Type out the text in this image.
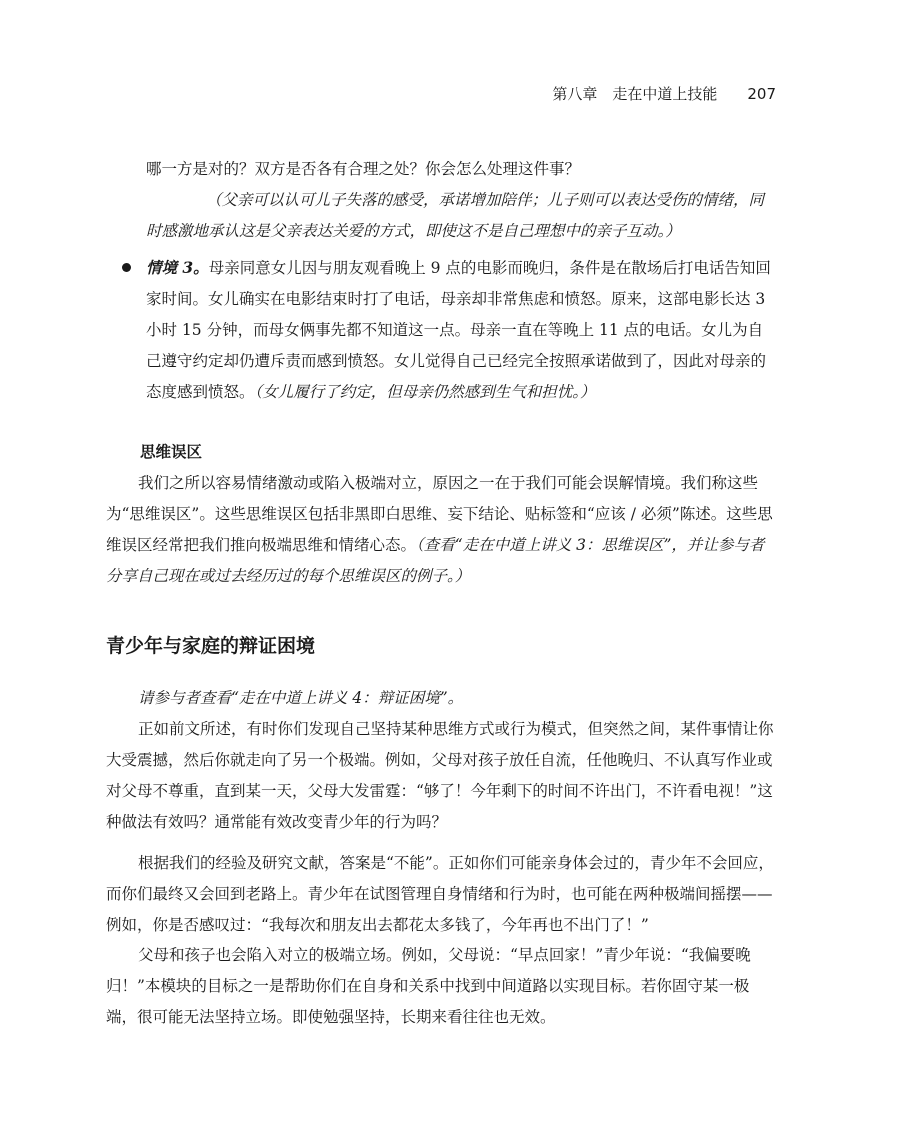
第八章　走在中道上技能 207
哪一方是对的？双方是否各有合理之处？你会怎么处理这件事？
（父亲可以认可儿子失落的感受，承诺增加陪伴；儿子则可以表达受伤的情绪，同时感激地承认这是父亲表达关爱的方式，即使这不是自己理想中的亲子互动。）
情境 3。母亲同意女儿因与朋友观看晚上 9 点的电影而晚归，条件是在散场后打电话告知回家时间。女儿确实在电影结束时打了电话，母亲却非常焦虑和愤怒。原来，这部电影长达 3 小时 15 分钟，而母女俩事先都不知道这一点。母亲一直在等晚上 11 点的电话。女儿为自己遵守约定却仍遭斥责而感到愤怒。女儿觉得自己已经完全按照承诺做到了，因此对母亲的态度感到愤怒。（女儿履行了约定，但母亲仍然感到生气和担忧。）
思维误区
我们之所以容易情绪激动或陷入极端对立，原因之一在于我们可能会误解情境。我们称这些为“思维误区”。这些思维误区包括非黑即白思维、妄下结论、贴标签和“应该 / 必须”陈述。这些思维误区经常把我们推向极端思维和情绪心态。（查看“走在中道上讲义 3：思维误区”，并让参与者分享自己现在或过去经历过的每个思维误区的例子。）
青少年与家庭的辩证困境
请参与者查看“走在中道上讲义 4：辩证困境”。
正如前文所述，有时你们发现自己坚持某种思维方式或行为模式，但突然之间，某件事情让你大受震撼，然后你就走向了另一个极端。例如，父母对孩子放任自流，任他晚归、不认真写作业或对父母不尊重，直到某一天，父母大发雷霆：“够了！今年剩下的时间不许出门，不许看电视！”这种做法有效吗？通常能有效改变青少年的行为吗？
根据我们的经验及研究文献，答案是“不能”。正如你们可能亲身体会过的，青少年不会回应，而你们最终又会回到老路上。青少年在试图管理自身情绪和行为时，也可能在两种极端间摇摆——例如，你是否感叹过：“我每次和朋友出去都花太多钱了，今年再也不出门了！”
父母和孩子也会陷入对立的极端立场。例如，父母说：“早点回家！”青少年说：“我偏要晚归！”本模块的目标之一是帮助你们在自身和关系中找到中间道路以实现目标。若你固守某一极端，很可能无法坚持立场。即使勉强坚持，长期来看往往也无效。
